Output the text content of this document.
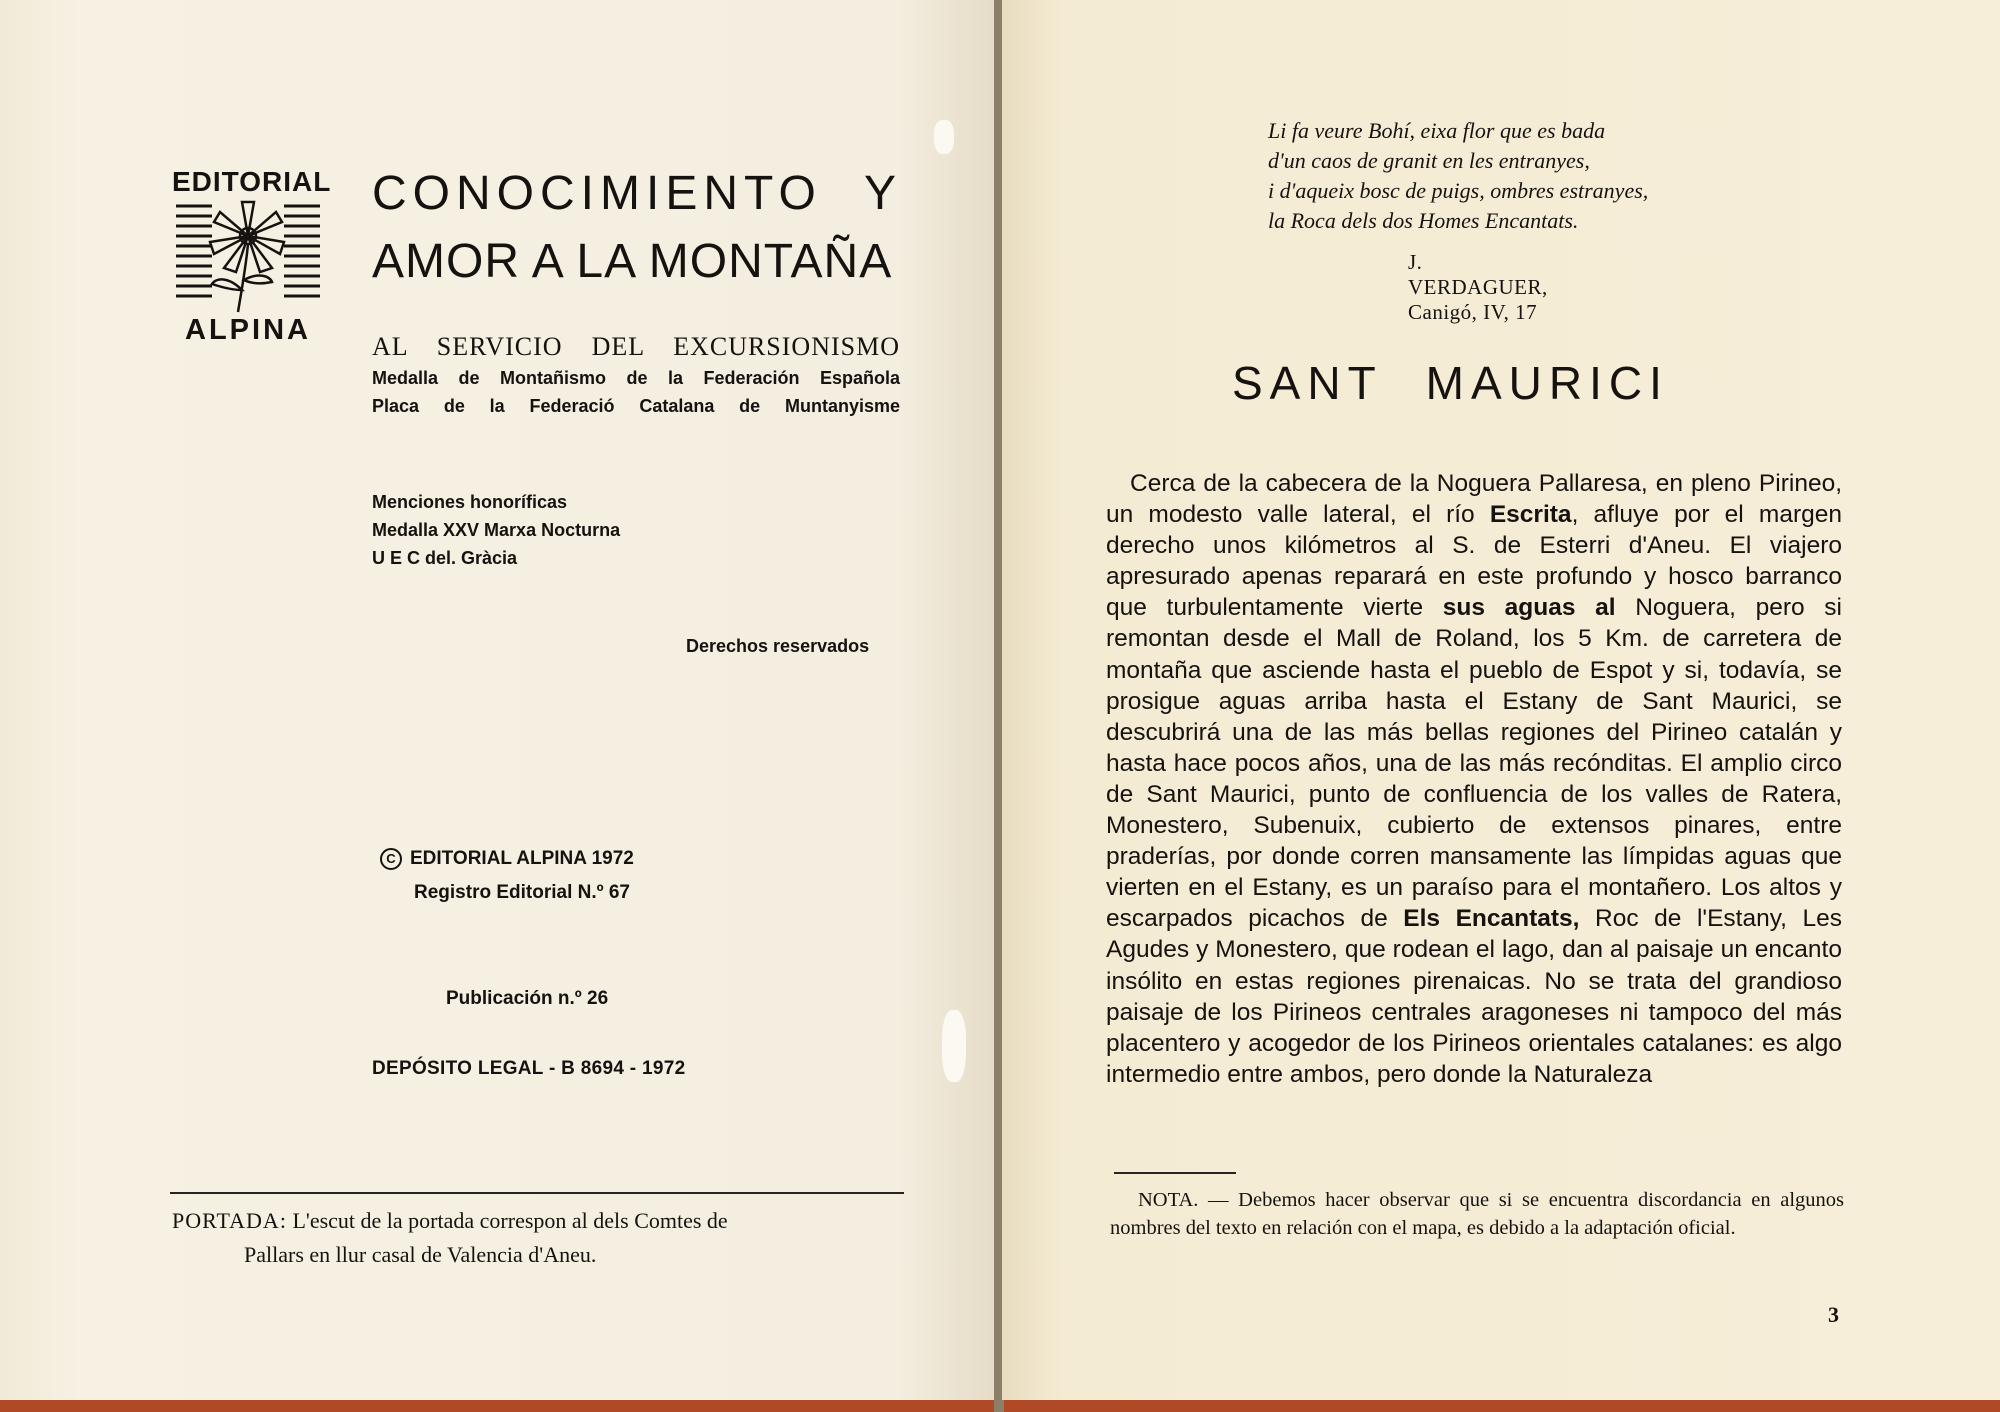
EDITORIAL
ALPINA
CONOCIMIENTO Y
AMOR A LA MONTAÑA
AL SERVICIO DEL EXCURSIONISMO
Medalla de Montañismo de la Federación Española
Placa de la Federació Catalana de Muntanyisme
Menciones honoríficas
Medalla XXV Marxa Nocturna
U E C del. Gràcia
Derechos reservados
C EDITORIAL ALPINA 1972
Registro Editorial N.º 67
Publicación n.º 26
DEPÓSITO LEGAL - B 8694 - 1972
PORTADA: L'escut de la portada correspon al dels Comtes de
Pallars en llur casal de Valencia d'Aneu.
Li fa veure Bohí, eixa flor que es bada
d'un caos de granit en les entranyes,
i d'aqueix bosc de puigs, ombres estranyes,
la Roca dels dos Homes Encantats.
J. VERDAGUER, Canigó, IV, 17
SANT MAURICI

Cerca de la cabecera de la Noguera Pallaresa, en pleno Pirineo, un modesto valle lateral, el río Escrita, afluye por el margen derecho unos kilómetros al S. de Esterri d'Aneu. El viajero apresurado apenas reparará en este profundo y hosco barranco que turbulentamente vierte sus aguas al Noguera, pero si remontan desde el Mall de Roland, los 5 Km. de carretera de montaña que asciende hasta el pueblo de Espot y si, todavía, se prosigue aguas arriba hasta el Estany de Sant Maurici, se descubrirá una de las más bellas regiones del Pirineo catalán y hasta hace pocos años, una de las más recónditas. El amplio circo de Sant Maurici, punto de confluencia de los valles de Ratera, Monestero, Subenuix, cubierto de extensos pinares, entre praderías, por donde corren mansamente las límpidas aguas que vierten en el Estany, es un paraíso para el montañero. Los altos y escarpados picachos de Els Encantats, Roc de l'Estany, Les Agudes y Monestero, que rodean el lago, dan al paisaje un encanto insólito en estas regiones pirenaicas. No se trata del grandioso paisaje de los Pirineos centrales aragoneses ni tampoco del más placentero y acogedor de los Pirineos orientales catalanes: es algo intermedio entre ambos, pero donde la Naturaleza

NOTA. — Debemos hacer observar que si se encuentra discordancia en algunos nombres del texto en relación con el mapa, es debido a la adaptación oficial.

3
